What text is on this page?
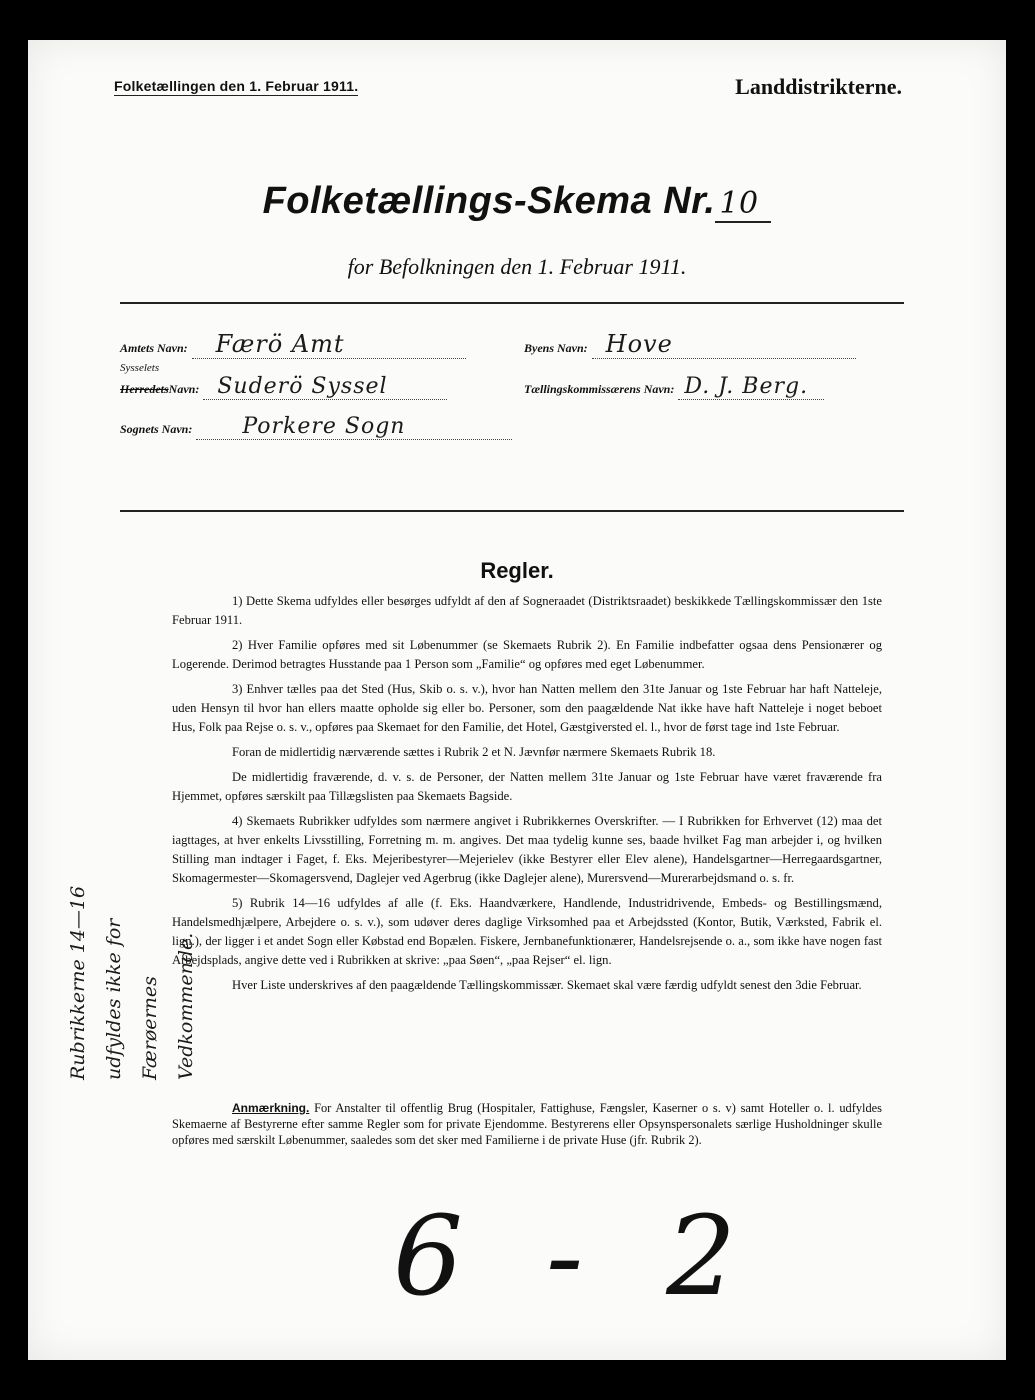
Folketællingen den 1. Februar 1911.	Landdistrikterne.
Folketællings-Skema Nr. 10
for Befolkningen den 1. Februar 1911.
Amtets Navn: Færö Amt	Byens Navn: Hove
Sysselets
HerredetsNavn: Suderö Syssel	Tællingskommissærens Navn: D. J. Berg.
Sognets Navn: Porkere Sogn
Regler.

1) Dette Skema udfyldes eller besørges udfyldt af den af Sogneraadet (Distriktsraadet) beskikkede Tællingskommissær den 1ste Februar 1911.

2) Hver Familie opføres med sit Løbenummer (se Skemaets Rubrik 2). En Familie indbefatter ogsaa dens Pensionærer og Logerende. Derimod betragtes Husstande paa 1 Person som „Familie“ og opføres med eget Løbenummer.

3) Enhver tælles paa det Sted (Hus, Skib o. s. v.), hvor han Natten mellem den 31te Januar og 1ste Februar har haft Natteleje, uden Hensyn til hvor han ellers maatte opholde sig eller bo. Personer, som den paagældende Nat ikke have haft Natteleje i noget beboet Hus, Folk paa Rejse o. s. v., opføres paa Skemaet for den Familie, det Hotel, Gæstgiversted el. l., hvor de først tage ind 1ste Februar.

Foran de midlertidig nærværende sættes i Rubrik 2 et N. Jævnfør nærmere Skemaets Rubrik 18.

De midlertidig fraværende, d. v. s. de Personer, der Natten mellem 31te Januar og 1ste Februar have været fraværende fra Hjemmet, opføres særskilt paa Tillægslisten paa Skemaets Bagside.

4) Skemaets Rubrikker udfyldes som nærmere angivet i Rubrikkernes Overskrifter. — I Rubrikken for Erhvervet (12) maa det iagttages, at hver enkelts Livsstilling, Forretning m. m. angives. Det maa tydelig kunne ses, baade hvilket Fag man arbejder i, og hvilken Stilling man indtager i Faget, f. Eks. Mejeribestyrer—Mejerielev (ikke Bestyrer eller Elev alene), Handelsgartner—Herregaardsgartner, Skomagermester—Skomagersvend, Daglejer ved Agerbrug (ikke Daglejer alene), Murersvend—Murerarbejdsmand o. s. fr.

5) Rubrik 14—16 udfyldes af alle (f. Eks. Haandværkere, Handlende, Industridrivende, Embeds- og Bestillingsmænd, Handelsmedhjælpere, Arbejdere o. s. v.), som udøver deres daglige Virksomhed paa et Arbejdssted (Kontor, Butik, Værksted, Fabrik el. lign.), der ligger i et andet Sogn eller Købstad end Bopælen. Fiskere, Jernbanefunktionærer, Handelsrejsende o. a., som ikke have nogen fast Arbejdsplads, angive dette ved i Rubrikken at skrive: „paa Søen“, „paa Rejser“ el. lign.

Hver Liste underskrives af den paagældende Tællingskommissær. Skemaet skal være færdig udfyldt senest den 3die Februar.

Anmærkning. For Anstalter til offentlig Brug (Hospitaler, Fattighuse, Fængsler, Kaserner o s. v) samt Hoteller o. l. udfyldes Skemaerne af Bestyrerne efter samme Regler som for private Ejendomme. Bestyrerens eller Opsynspersonalets særlige Husholdninger skulle opføres med særskilt Løbenummer, saaledes som det sker med Familierne i de private Huse (jfr. Rubrik 2).
Rubrikkerne 14—16 udfyldes ikke for Færøernes Vedkommende.
6 - 2
